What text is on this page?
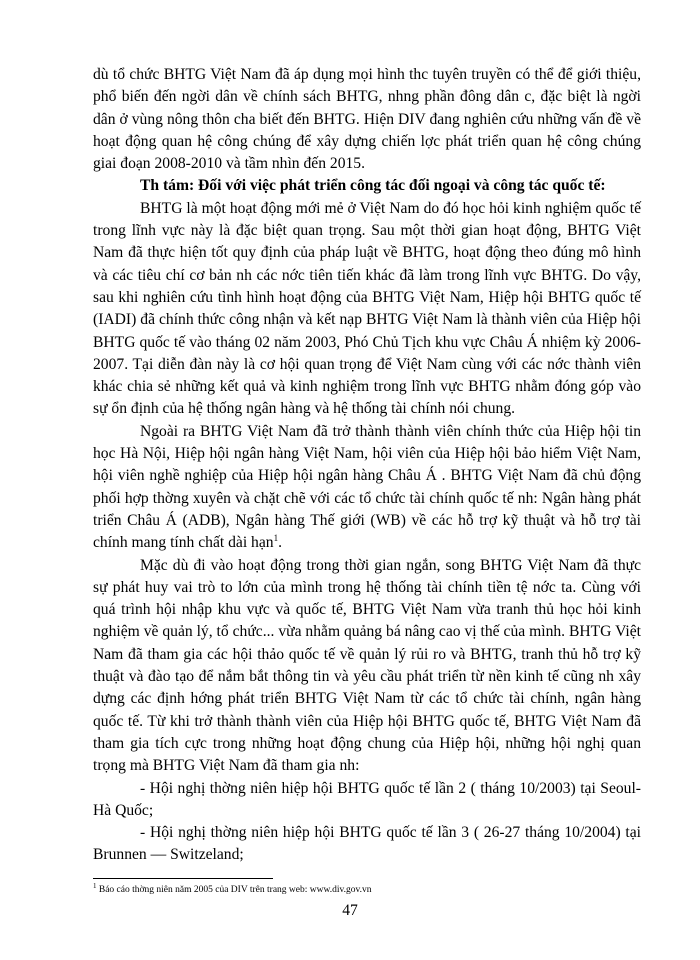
dù tổ chức BHTG Việt Nam đã áp dụng mọi hình thc tuyên truyền có thể để giới thiệu, phổ biến đến ngời dân về chính sách BHTG, nhng phần đông dân c, đặc biệt là ngời dân ở vùng nông thôn cha biết đến BHTG. Hiện DIV đang nghiên cứu những vấn đề về hoạt động quan hệ công chúng để xây dựng chiến lợc phát triển quan hệ công chúng giai đoạn 2008-2010 và tầm nhìn đến 2015.

Th tám: Đối với việc phát triển công tác đối ngoại và công tác quốc tế:

BHTG là một hoạt động mới mẻ ở Việt Nam do đó học hỏi kinh nghiệm quốc tế trong lĩnh vực này là đặc biệt quan trọng. Sau một thời gian hoạt động, BHTG Việt Nam đã thực hiện tốt quy định của pháp luật về BHTG, hoạt động theo đúng mô hình và các tiêu chí cơ bản nh các nớc tiên tiến khác đã làm trong lĩnh vực BHTG. Do vậy, sau khi nghiên cứu tình hình hoạt động của BHTG Việt Nam, Hiệp hội BHTG quốc tế (IADI) đã chính thức công nhận và kết nạp BHTG Việt Nam là thành viên của Hiệp hội BHTG quốc tế vào tháng 02 năm 2003, Phó Chủ Tịch khu vực Châu Á nhiệm kỳ 2006-2007. Tại diễn đàn này là cơ hội quan trọng để Việt Nam cùng với các nớc thành viên khác chia sẻ những kết quả và kinh nghiệm trong lĩnh vực BHTG nhằm đóng góp vào sự ổn định của hệ thống ngân hàng và hệ thống tài chính nói chung.

Ngoài ra BHTG Việt Nam đã trở thành thành viên chính thức của Hiệp hội tin học Hà Nội, Hiệp hội ngân hàng Việt Nam, hội viên của Hiệp hội bảo hiểm Việt Nam, hội viên nghề nghiệp của Hiệp hội ngân hàng Châu Á . BHTG Việt Nam đã chủ động phối hợp thờng xuyên và chặt chẽ với các tổ chức tài chính quốc tế nh: Ngân hàng phát triển Châu Á (ADB), Ngân hàng Thế giới (WB) về các hỗ trợ kỹ thuật và hỗ trợ tài chính mang tính chất dài hạn$^1$.

Mặc dù đi vào hoạt động trong thời gian ngắn, song BHTG Việt Nam đã thực sự phát huy vai trò to lớn của mình trong hệ thống tài chính tiền tệ nớc ta. Cùng với quá trình hội nhập khu vực và quốc tế, BHTG Việt Nam vừa tranh thủ học hỏi kinh nghiệm về quản lý, tổ chức... vừa nhằm quảng bá nâng cao vị thế của mình. BHTG Việt Nam đã tham gia các hội thảo quốc tế về quản lý rủi ro và BHTG, tranh thủ hỗ trợ kỹ thuật và đào tạo để nắm bắt thông tin và yêu cầu phát triển từ nền kinh tế cũng nh xây dựng các định hớng phát triển BHTG Việt Nam từ các tổ chức tài chính, ngân hàng quốc tế. Từ khi trở thành thành viên của Hiệp hội BHTG quốc tế, BHTG Việt Nam đã tham gia tích cực trong những hoạt động chung của Hiệp hội, những hội nghị quan trọng mà BHTG Việt Nam đã tham gia nh:

- Hội nghị thờng niên hiệp hội BHTG quốc tế lần 2 ( tháng 10/2003) tại Seoul- Hà Quốc;

- Hội nghị thờng niên hiệp hội BHTG quốc tế lần 3 ( 26-27 tháng 10/2004) tại Brunnen — Switzeland;

$^1$ Báo cáo thờng niên năm 2005 của DIV trên trang web: www.div.gov.vn
47
